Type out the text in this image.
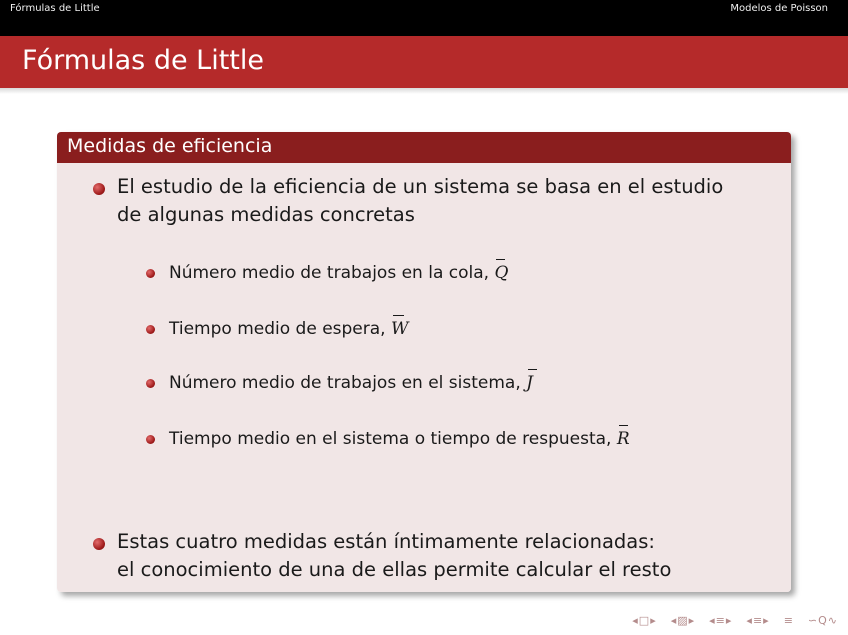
Fórmulas de Little	Modelos de Poisson
Fórmulas de Little
Medidas de eficiencia
El estudio de la eficiencia de un sistema se basa en el estudio
de algunas medidas concretas
Número medio de trabajos en la cola,
Q
Tiempo medio de espera,
W
Número medio de trabajos en el sistema,
J
Tiempo medio en el sistema o tiempo de respuesta,
R
Estas cuatro medidas están íntimamente relacionadas:
el conocimiento de una de ellas permite calcular el resto
◂□▸ ◂▨▸ ◂≡▸ ◂≡▸ ≡ ∽Q∿
